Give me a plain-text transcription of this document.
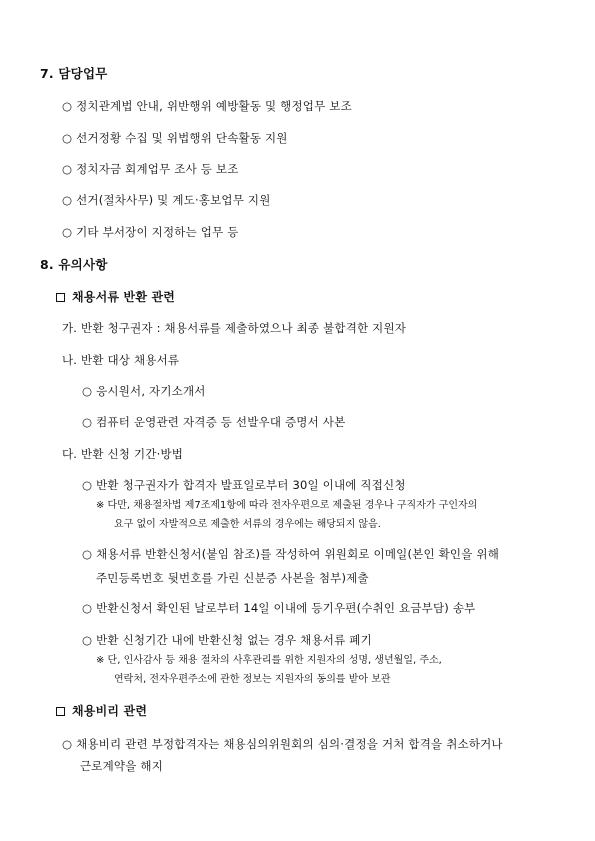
7. 담당업무
○ 정치관계법 안내, 위반행위 예방활동 및 행정업무 보조
○ 선거정황 수집 및 위법행위 단속활동 지원
○ 정치자금 회계업무 조사 등 보조
○ 선거(절차사무) 및 계도·홍보업무 지원
○ 기타 부서장이 지정하는 업무 등
8. 유의사항
채용서류 반환 관련
가. 반환 청구권자 : 채용서류를 제출하였으나 최종 불합격한 지원자
나. 반환 대상 채용서류
○ 응시원서, 자기소개서
○ 컴퓨터 운영관련 자격증 등 선발우대 증명서 사본
다. 반환 신청 기간·방법
○ 반환 청구권자가 합격자 발표일로부터 30일 이내에 직접신청
※ 다만, 채용절차법 제7조제1항에 따라 전자우편으로 제출된 경우나 구직자가 구인자의
요구 없이 자발적으로 제출한 서류의 경우에는 해당되지 않음.
○ 채용서류 반환신청서(붙임 참조)를 작성하여 위원회로 이메일(본인 확인을 위해
주민등록번호 뒷번호를 가린 신분증 사본을 첨부)제출
○ 반환신청서 확인된 날로부터 14일 이내에 등기우편(수취인 요금부담) 송부
○ 반환 신청기간 내에 반환신청 없는 경우 채용서류 폐기
※ 단, 인사감사 등 채용 절차의 사후관리를 위한 지원자의 성명, 생년월일, 주소,
연락처, 전자우편주소에 관한 정보는 지원자의 동의를 받아 보관
채용비리 관련
○ 채용비리 관련 부정합격자는 채용심의위원회의 심의·결정을 거처 합격을 취소하거나
근로계약을 해지
